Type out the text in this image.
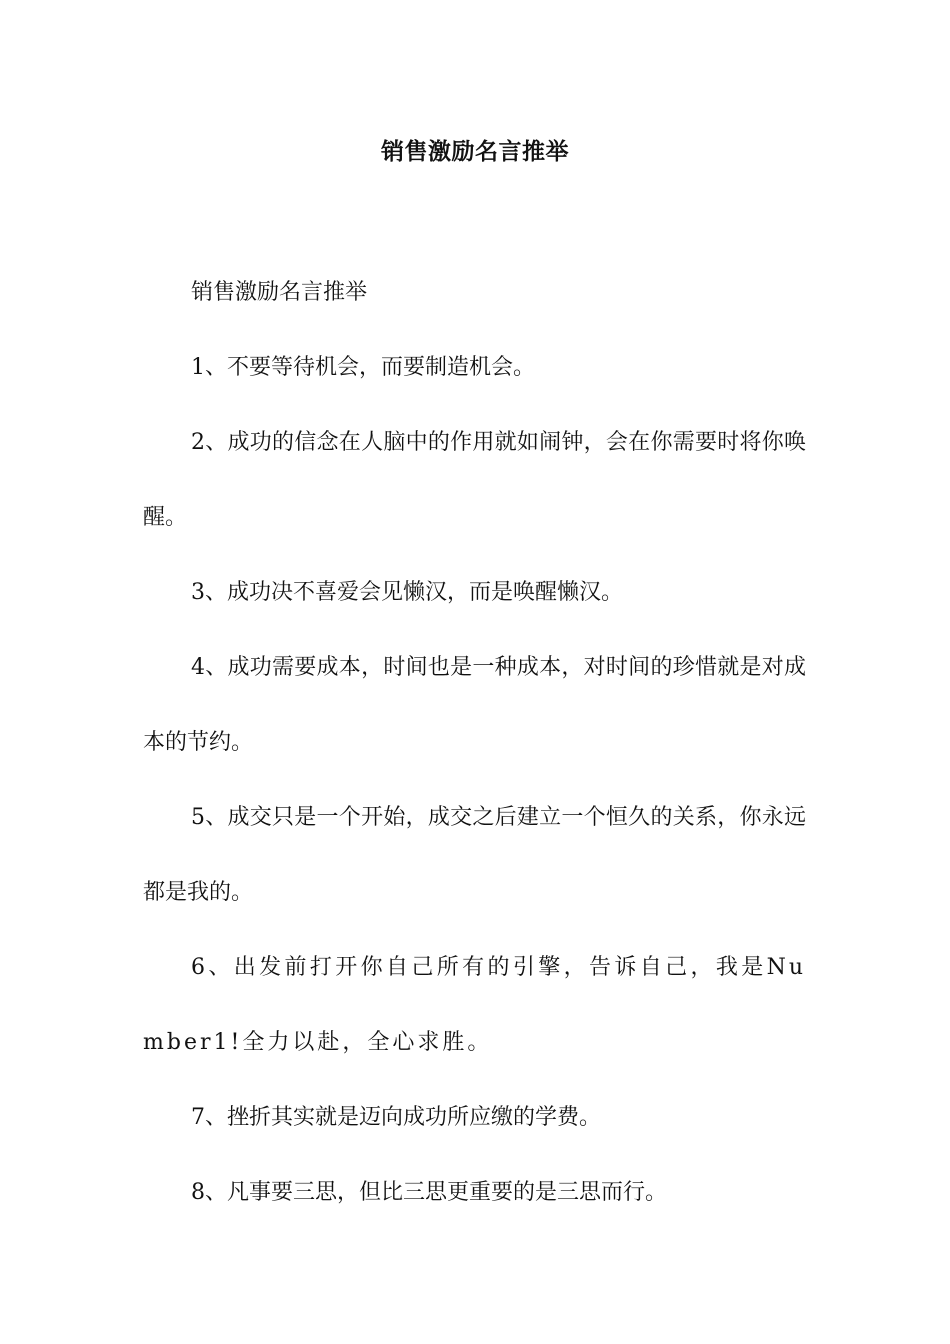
销售激励名言推举

销售激励名言推举

1、不要等待机会，而要制造机会。

2、成功的信念在人脑中的作用就如闹钟，会在你需要时将你唤醒。

3、成功决不喜爱会见懒汉，而是唤醒懒汉。

4、成功需要成本，时间也是一种成本，对时间的珍惜就是对成本的节约。

5、成交只是一个开始，成交之后建立一个恒久的关系，你永远都是我的。

6、出发前打开你自己所有的引擎，告诉自己，我是Number1!全力以赴，全心求胜。

7、挫折其实就是迈向成功所应缴的学费。

8、凡事要三思，但比三思更重要的是三思而行。
